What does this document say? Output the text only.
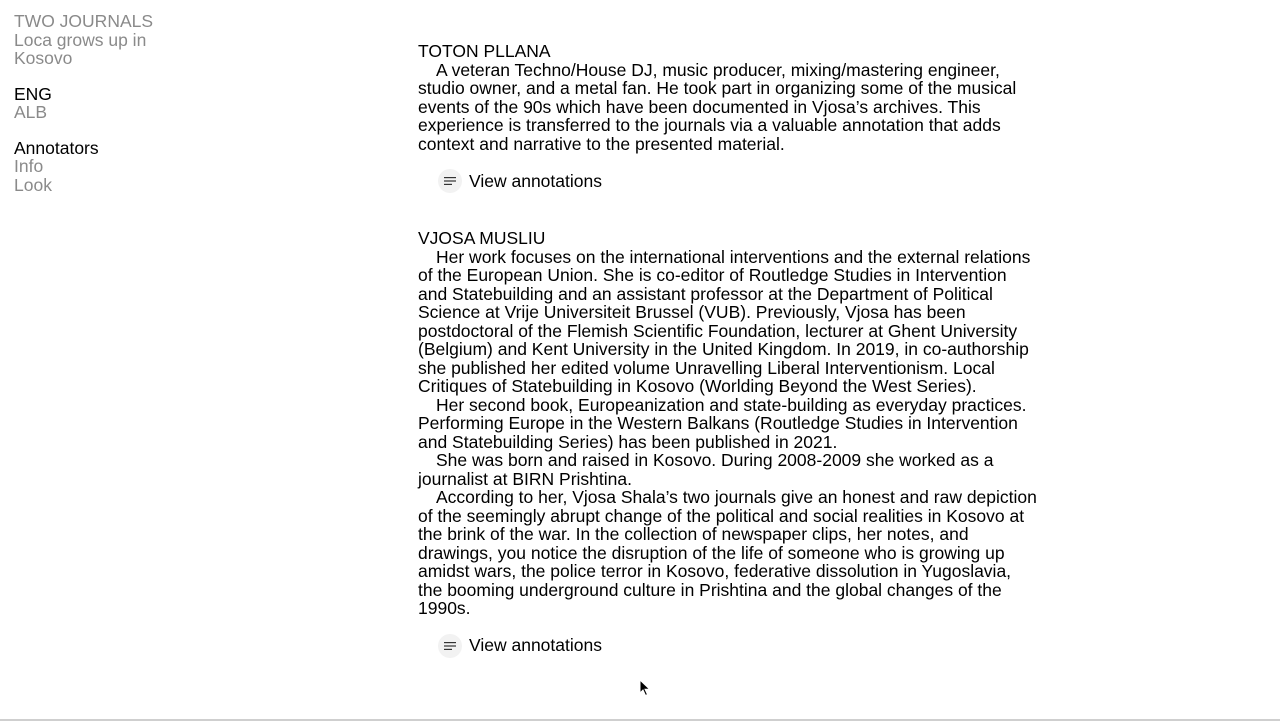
TWO JOURNALS
Loca grows up in
Kosovo
ENG
ALB
Annotators
Info
Look
TOTON PLLANA

A veteran Techno/House DJ, music producer, mixing/mastering engineer, studio owner, and a metal fan. He took part in organizing some of the musical events of the 90s which have been documented in Vjosa’s archives. This experience is transferred to the journals via a valuable annotation that adds context and narrative to the presented material.

View annotations
VJOSA MUSLIU

Her work focuses on the international interventions and the external relations of the European Union. She is co-editor of Routledge Studies in Intervention and Statebuilding and an assistant professor at the Department of Political Science at Vrije Universiteit Brussel (VUB). Previously, Vjosa has been postdoctoral of the Flemish Scientific Foundation, lecturer at Ghent University (Belgium) and Kent University in the United Kingdom. In 2019, in co-authorship she published her edited volume Unravelling Liberal Interventionism. Local Critiques of Statebuilding in Kosovo (Worlding Beyond the West Series).

Her second book, Europeanization and state-building as everyday practices. Performing Europe in the Western Balkans (Routledge Studies in Intervention and Statebuilding Series) has been published in 2021.

She was born and raised in Kosovo. During 2008-2009 she worked as a journalist at BIRN Prishtina.

According to her, Vjosa Shala’s two journals give an honest and raw depiction of the seemingly abrupt change of the political and social realities in Kosovo at the brink of the war. In the collection of newspaper clips, her notes, and drawings, you notice the disruption of the life of someone who is growing up amidst wars, the police terror in Kosovo, federative dissolution in Yugoslavia, the booming underground culture in Prishtina and the global changes of the 1990s.

View annotations
